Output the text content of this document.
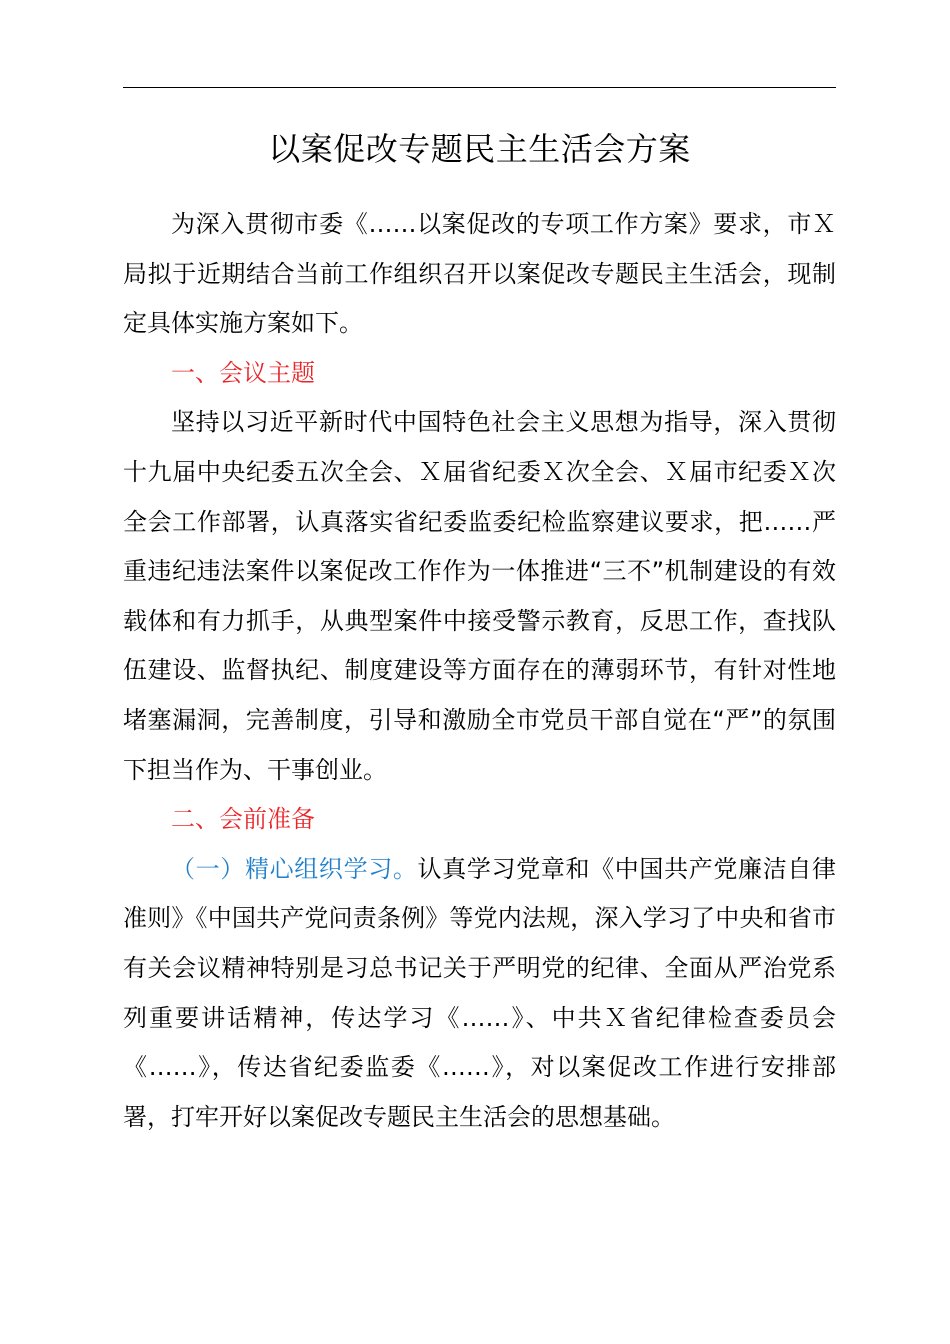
以案促改专题民主生活会方案

为深入贯彻市委《……以案促改的专项工作方案》要求，市Ｘ局拟于近期结合当前工作组织召开以案促改专题民主生活会，现制定具体实施方案如下。

一、会议主题

坚持以习近平新时代中国特色社会主义思想为指导，深入贯彻十九届中央纪委五次全会、Ｘ届省纪委Ｘ次全会、Ｘ届市纪委Ｘ次全会工作部署，认真落实省纪委监委纪检监察建议要求，把……严重违纪违法案件以案促改工作作为一体推进“三不”机制建设的有效载体和有力抓手，从典型案件中接受警示教育，反思工作，查找队伍建设、监督执纪、制度建设等方面存在的薄弱环节，有针对性地堵塞漏洞，完善制度，引导和激励全市党员干部自觉在“严”的氛围下担当作为、干事创业。

二、会前准备

（一）精心组织学习。认真学习党章和《中国共产党廉洁自律准则》《中国共产党问责条例》等党内法规，深入学习了中央和省市有关会议精神特别是习总书记关于严明党的纪律、全面从严治党系列重要讲话精神，传达学习《……》、中共Ｘ省纪律检查委员会《……》，传达省纪委监委《……》，对以案促改工作进行安排部署，打牢开好以案促改专题民主生活会的思想基础。
